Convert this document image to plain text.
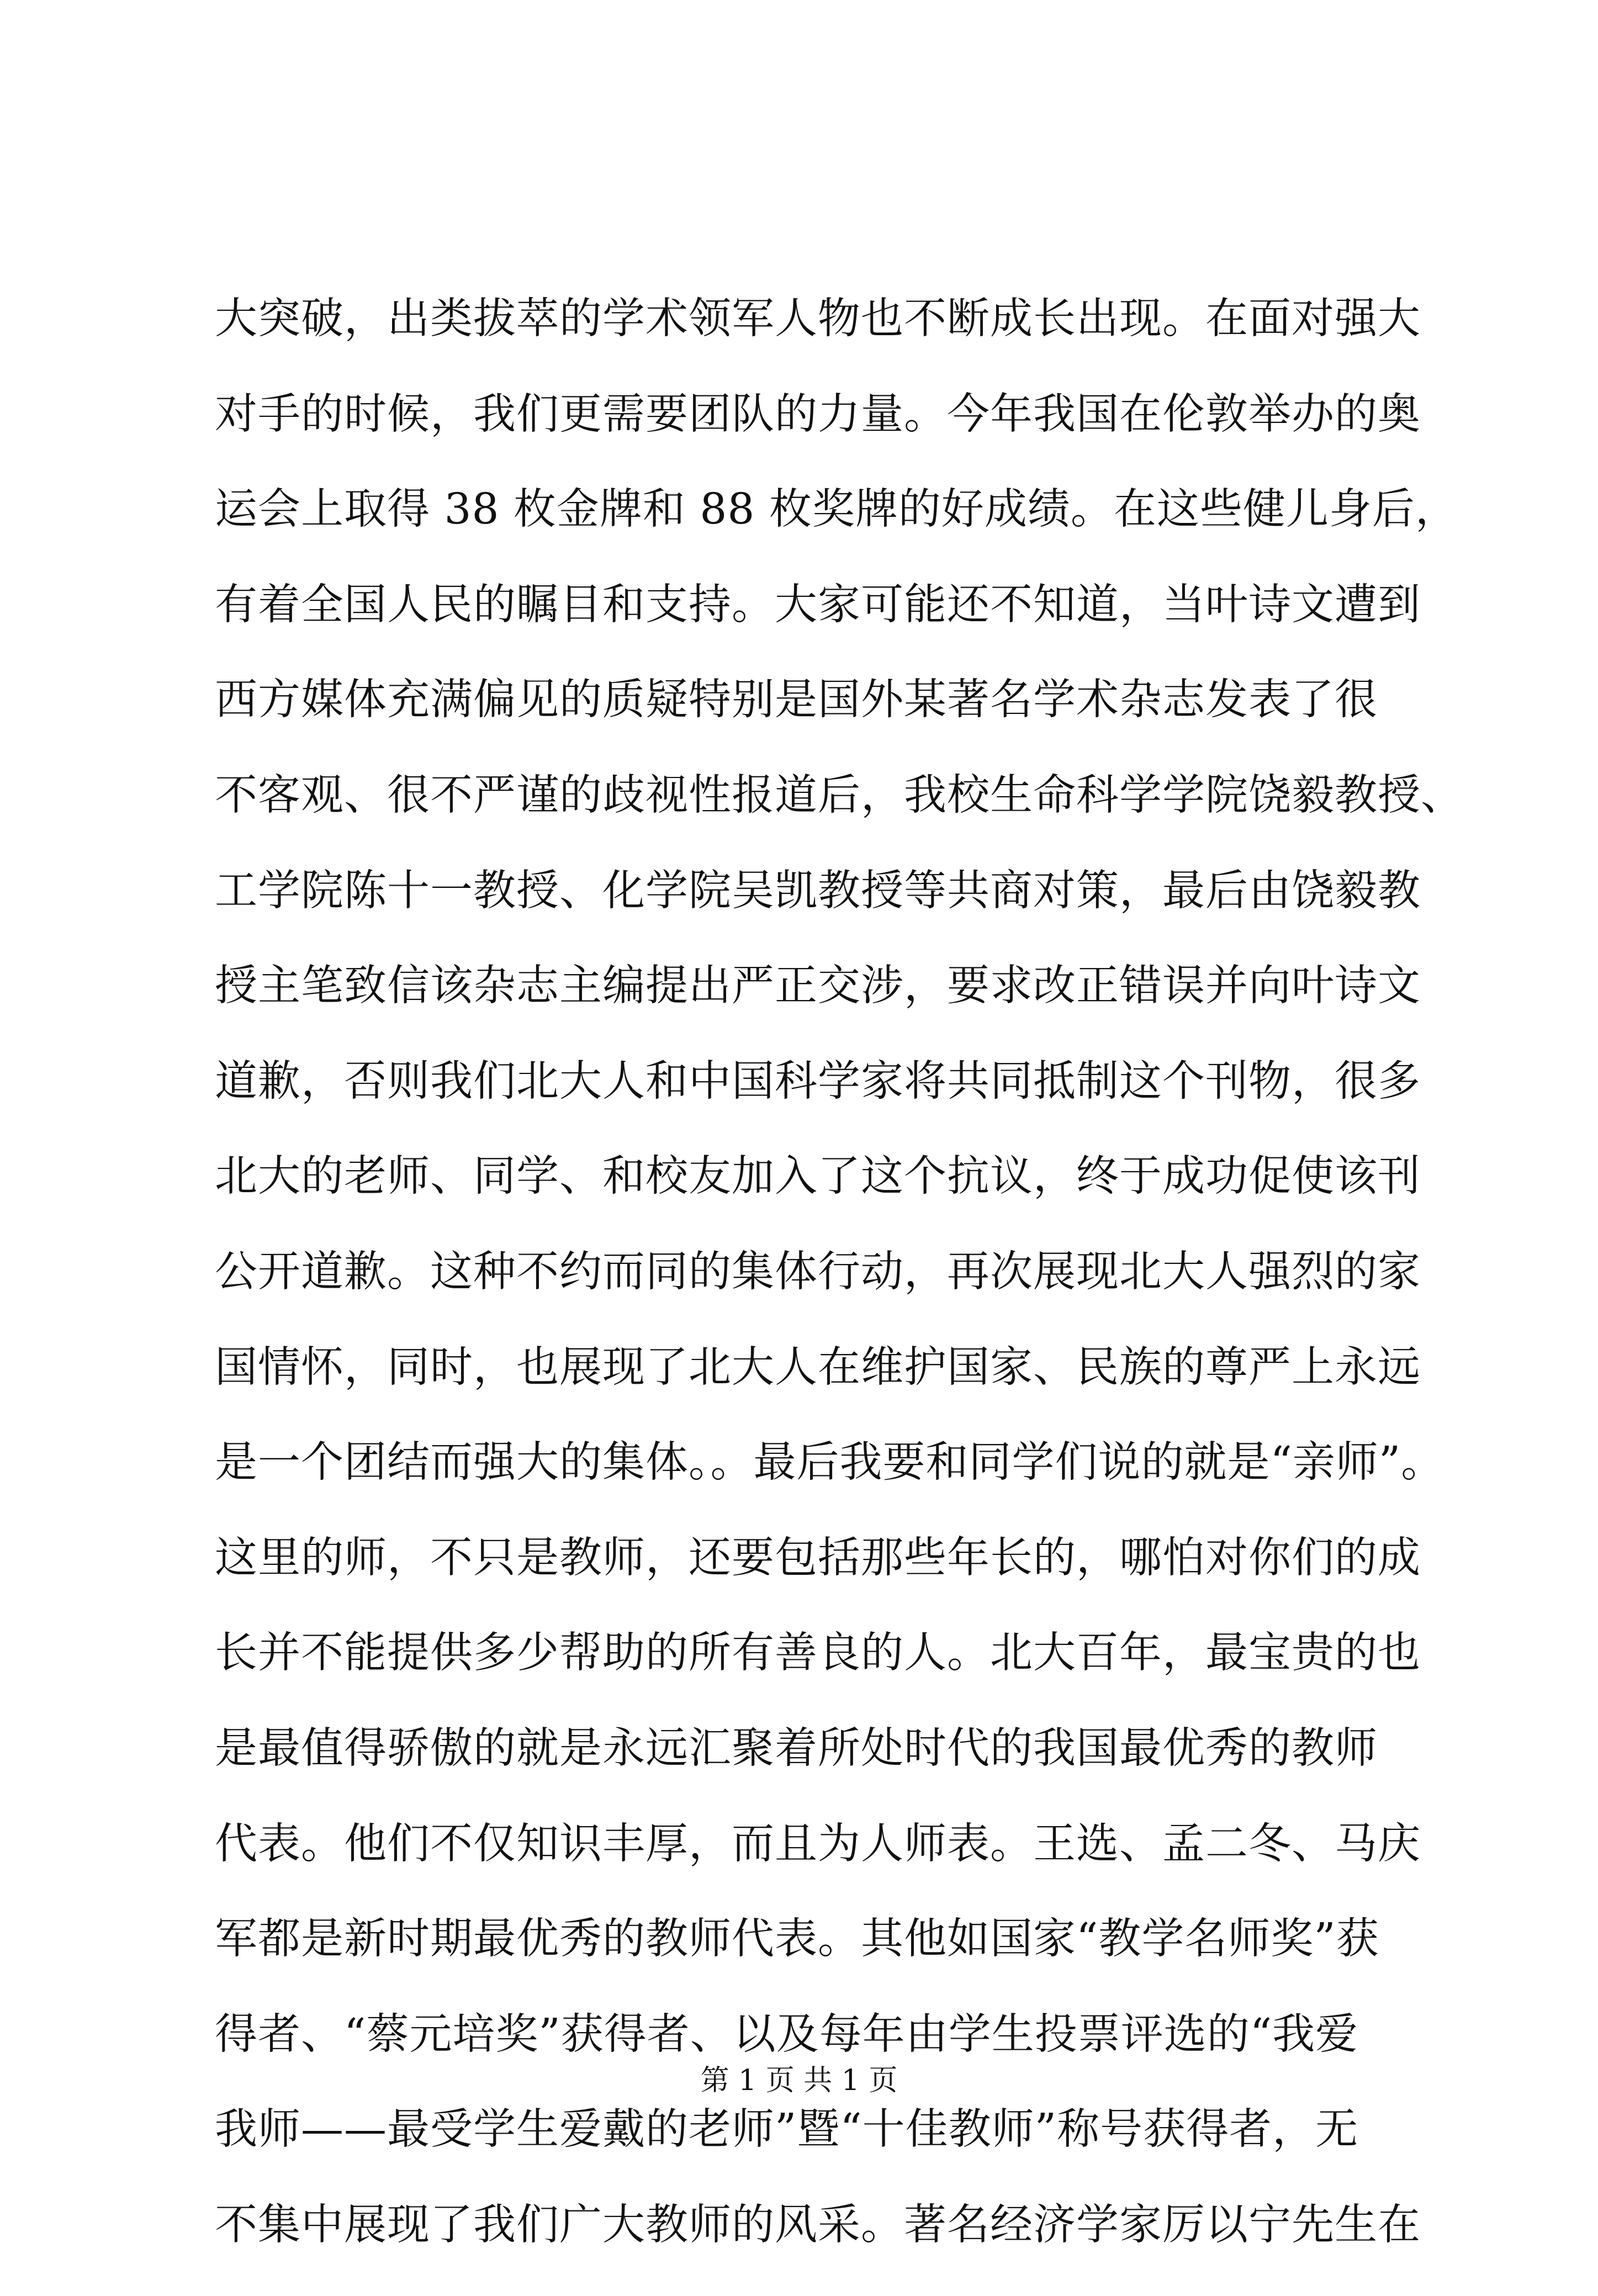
大突破，出类拔萃的学术领军人物也不断成长出现。在面对强大
对手的时候，我们更需要团队的力量。今年我国在伦敦举办的奥
运会上取得 38 枚金牌和 88 枚奖牌的好成绩。在这些健儿身后，
有着全国人民的瞩目和支持。大家可能还不知道，当叶诗文遭到
西方媒体充满偏见的质疑特别是国外某著名学术杂志发表了很
不客观、很不严谨的歧视性报道后，我校生命科学学院饶毅教授、
工学院陈十一教授、化学院吴凯教授等共商对策，最后由饶毅教
授主笔致信该杂志主编提出严正交涉，要求改正错误并向叶诗文
道歉，否则我们北大人和中国科学家将共同抵制这个刊物，很多
北大的老师、同学、和校友加入了这个抗议，终于成功促使该刊
公开道歉。这种不约而同的集体行动，再次展现北大人强烈的家
国情怀，同时，也展现了北大人在维护国家、民族的尊严上永远
是一个团结而强大的集体。。最后我要和同学们说的就是“亲师”。
这里的师，不只是教师，还要包括那些年长的，哪怕对你们的成
长并不能提供多少帮助的所有善良的人。北大百年，最宝贵的也
是最值得骄傲的就是永远汇聚着所处时代的我国最优秀的教师
代表。他们不仅知识丰厚，而且为人师表。王选、孟二冬、马庆
军都是新时期最优秀的教师代表。其他如国家“教学名师奖”获
得者、“蔡元培奖”获得者、以及每年由学生投票评选的“我爱
我师——最受学生爱戴的老师”暨“十佳教师”称号获得者，无
不集中展现了我们广大教师的风采。著名经济学家厉以宁先生在
第 1 页 共 1 页
